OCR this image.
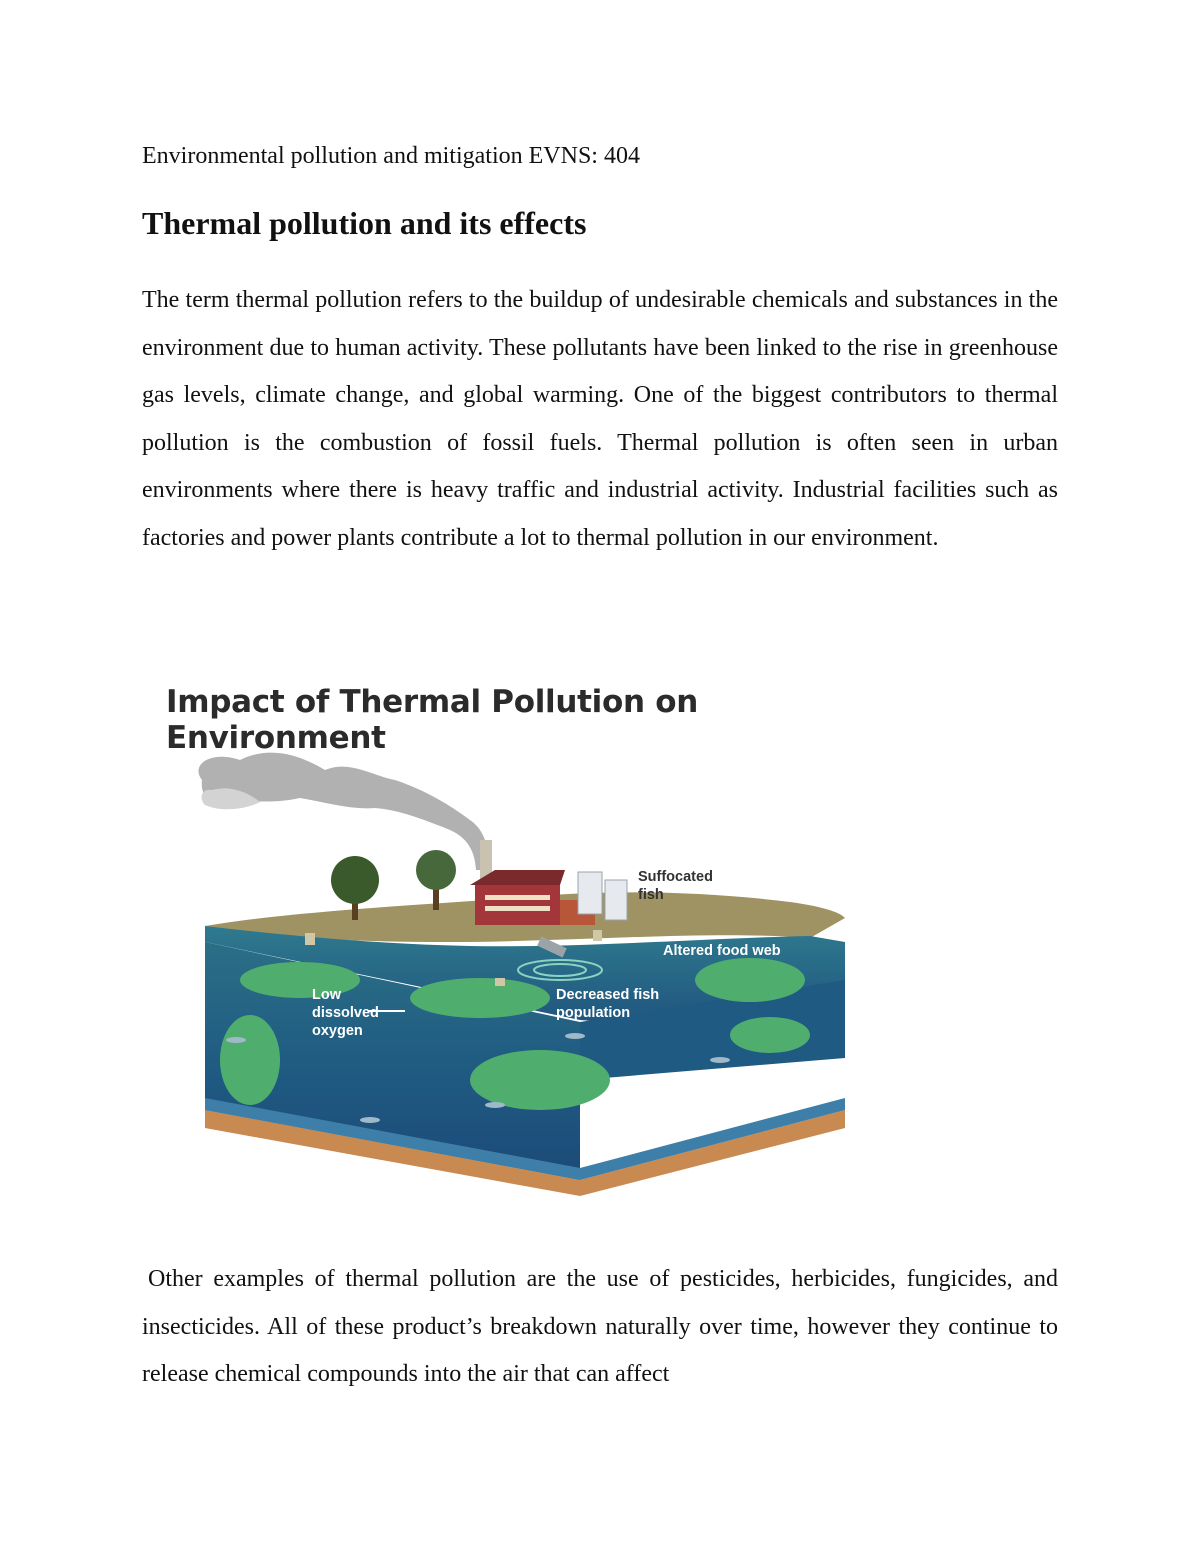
Environmental pollution and mitigation EVNS: 404

Thermal pollution and its effects

The term thermal pollution refers to the buildup of undesirable chemicals and substances in the environment due to human activity. These pollutants have been linked to the rise in greenhouse gas levels, climate change, and global warming. One of the biggest contributors to thermal pollution is the combustion of fossil fuels. Thermal pollution is often seen in urban environments where there is heavy traffic and industrial activity. Industrial facilities such as factories and power plants contribute a lot to thermal pollution in our environment.

Suffocated
fish
Altered food web
Low
dissolved
oxygen
Decreased fish
population
Impact of Thermal Pollution on Environment

Other examples of thermal pollution are the use of pesticides, herbicides, fungicides, and insecticides. All of these product’s breakdown naturally over time, however they continue to release chemical compounds into the air that can affect
